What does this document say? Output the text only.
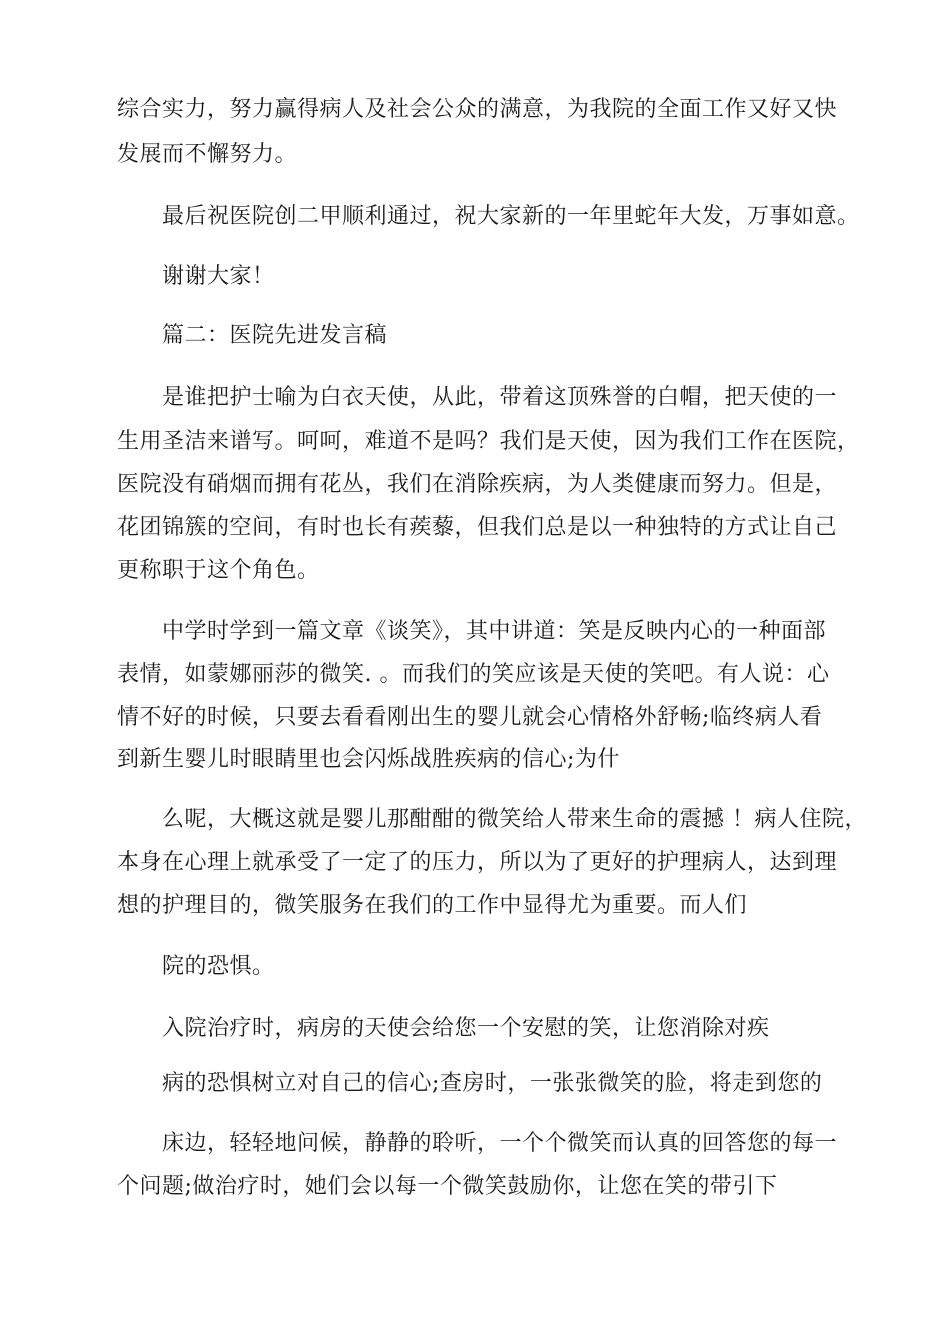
综合实力，努力赢得病人及社会公众的满意，为我院的全面工作又好又快
发展而不懈努力。
最后祝医院创二甲顺利通过，祝大家新的一年里蛇年大发，万事如意。
谢谢大家！
篇二：医院先进发言稿
是谁把护士喻为白衣天使，从此，带着这顶殊誉的白帽，把天使的一
生用圣洁来谱写。呵呵，难道不是吗？我们是天使，因为我们工作在医院，
医院没有硝烟而拥有花丛，我们在消除疾病，为人类健康而努力。但是，
花团锦簇的空间，有时也长有蒺藜，但我们总是以一种独特的方式让自己
更称职于这个角色。
中学时学到一篇文章《谈笑》，其中讲道：笑是反映内心的一种面部
表情，如蒙娜丽莎的微笑. 。而我们的笑应该是天使的笑吧。有人说：心
情不好的时候，只要去看看刚出生的婴儿就会心情格外舒畅;临终病人看
到新生婴儿时眼睛里也会闪烁战胜疾病的信心;为什
么呢，大概这就是婴儿那酣酣的微笑给人带来生命的震撼 ！病人住院，
本身在心理上就承受了一定了的压力，所以为了更好的护理病人，达到理
想的护理目的，微笑服务在我们的工作中显得尤为重要。而人们
院的恐惧。
入院治疗时，病房的天使会给您一个安慰的笑，让您消除对疾
病的恐惧树立对自己的信心;查房时，一张张微笑的脸，将走到您的
床边，轻轻地问候，静静的聆听，一个个微笑而认真的回答您的每一
个问题;做治疗时，她们会以每一个微笑鼓励你，让您在笑的带引下
